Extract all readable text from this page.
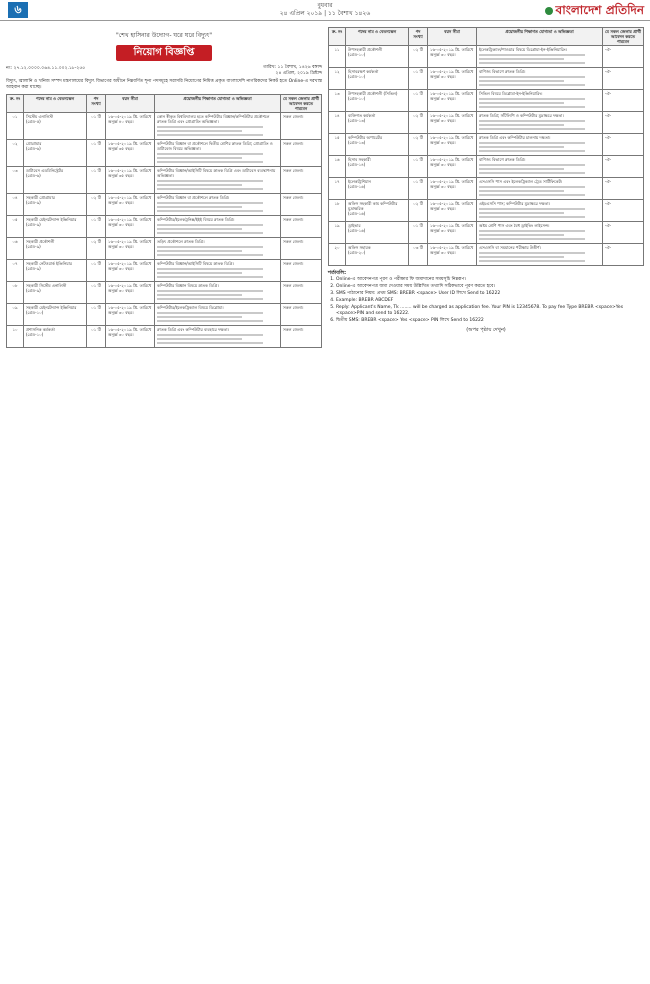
৬	বুধবার
২৪ এপ্রিল ২০১৯ | ১১ বৈশাখ ১৪২৬	বাংলাদেশ প্রতিদিন
"শেখ হাসিনার উদ্যোগ- ঘরে ঘরে বিদ্যুৎ"
নিয়োগ বিজ্ঞপ্তি
নং: ২৭.১২.০০০০.০৬৪.১১.০০২.১৮-২৫৫	তারিখ: ১১ বৈশাখ, ১৪২৬ বঙ্গাব্দ
২৪ এপ্রিল, ২০১৯ খ্রিষ্টাব্দ
বিদ্যুৎ, জ্বালানি ও খনিজ সম্পদ মন্ত্রণালয়ের বিদ্যুৎ বিভাগের অধীনে নিম্নবর্ণিত শূন্য পদসমূহে সরাসরি নিয়োগের নিমিত্ত প্রকৃত বাংলাদেশি নাগরিকদের নিকট হতে Online-এ দরখাস্ত আহবান করা যাচ্ছে।
ক্র. নং	পদের নাম ও বেতনস্কেল	পদ সংখ্যা	বয়স সীমা	প্রয়োজনীয় শিক্ষাগত যোগ্যতা ও অভিজ্ঞতা	যে সকল জেলার প্রার্থী আবেদন করতে পারবেন
০১	সিস্টেম এনালিস্ট
(গ্রেড-৫)	০১ টি	১৬-০৫-২০১৯ খ্রি. তারিখে অনূর্ধ্ব ৪০ বছর।	কোন স্বীকৃত বিশ্ববিদ্যালয় হতে কম্পিউটার বিজ্ঞান/কম্পিউটার প্রকৌশলে স্নাতক ডিগ্রি এবং প্রোগ্রামিং অভিজ্ঞতা।	সকল জেলা।
০২	প্রোগ্রামার
(গ্রেড-৬)	০১ টি	১৬-০৫-২০১৯ খ্রি. তারিখে অনূর্ধ্ব ৩৫ বছর।	কম্পিউটার বিজ্ঞান বা প্রকৌশলে দ্বিতীয় শ্রেণির স্নাতক ডিগ্রি; প্রোগ্রামিং ও ডাটাবেজ বিষয়ে অভিজ্ঞতা।	সকল জেলা।
০৩	ডাটাবেস এডমিনিস্ট্রেটর
(গ্রেড-৬)	০১ টি	১৬-০৫-২০১৯ খ্রি. তারিখে অনূর্ধ্ব ৩৫ বছর।	কম্পিউটার বিজ্ঞান/আইসিটি বিষয়ে স্নাতক ডিগ্রি এবং ডাটাবেস ব্যবস্থাপনায় অভিজ্ঞতা।	সকল জেলা।
০৪	সহকারী প্রোগ্রামার
(গ্রেড-৯)	০২ টি	১৬-০৫-২০১৯ খ্রি. তারিখে অনূর্ধ্ব ৩০ বছর।	কম্পিউটার বিজ্ঞান বা প্রকৌশলে স্নাতক ডিগ্রি।	সকল জেলা।
০৫	সহকারী মেইনটেন্যান্স ইঞ্জিনিয়ার
(গ্রেড-৯)	০১ টি	১৬-০৫-২০১৯ খ্রি. তারিখে অনূর্ধ্ব ৩০ বছর।	কম্পিউটার/ইলেকট্রনিক্স/ইইই বিষয়ে স্নাতক ডিগ্রি।	সকল জেলা।
০৬	সহকারী প্রকৌশলী
(গ্রেড-৯)	০২ টি	১৬-০৫-২০১৯ খ্রি. তারিখে অনূর্ধ্ব ৩০ বছর।	তড়িৎ প্রকৌশলে স্নাতক ডিগ্রি।	সকল জেলা।
০৭	সহকারী নেটওয়ার্ক ইঞ্জিনিয়ার
(গ্রেড-৯)	০১ টি	১৬-০৫-২০১৯ খ্রি. তারিখে অনূর্ধ্ব ৩০ বছর।	কম্পিউটার বিজ্ঞান/আইসিটি বিষয়ে স্নাতক ডিগ্রি।	সকল জেলা।
০৮	সহকারী সিস্টেম এনালিস্ট
(গ্রেড-৯)	০১ টি	১৬-০৫-২০১৯ খ্রি. তারিখে অনূর্ধ্ব ৩০ বছর।	কম্পিউটার বিজ্ঞান বিষয়ে স্নাতক ডিগ্রি।	সকল জেলা।
০৯	সহকারী মেইনটেন্যান্স ইঞ্জিনিয়ার
(গ্রেড-১০)	০১ টি	১৬-০৫-২০১৯ খ্রি. তারিখে অনূর্ধ্ব ৩০ বছর।	কম্পিউটার/ইলেকট্রিক্যাল বিষয়ে ডিপ্লোমা।	সকল জেলা।
১০	প্রশাসনিক কর্মকর্তা
(গ্রেড-১০)	০১ টি	১৬-০৫-২০১৯ খ্রি. তারিখে অনূর্ধ্ব ৩০ বছর।	স্নাতক ডিগ্রি এবং কম্পিউটার ব্যবহারে দক্ষতা।	সকল জেলা।
ক্র. নং	পদের নাম ও বেতনস্কেল	পদ সংখ্যা	বয়স সীমা	প্রয়োজনীয় শিক্ষাগত যোগ্যতা ও অভিজ্ঞতা	যে সকল জেলার প্রার্থী আবেদন করতে পারবেন
১১	উপসহকারী প্রকৌশলী
(গ্রেড-১০)	০২ টি	১৬-০৫-২০১৯ খ্রি. তারিখে অনূর্ধ্ব ৩০ বছর।	ইলেকট্রিক্যাল/পাওয়ার বিষয়ে ডিপ্লোমা-ইন-ইঞ্জিনিয়ারিং।	-ঐ-
১২	হিসাবরক্ষণ কর্মকর্তা
(গ্রেড-১০)	০১ টি	১৬-০৫-২০১৯ খ্রি. তারিখে অনূর্ধ্ব ৩০ বছর।	বাণিজ্য বিভাগে স্নাতক ডিগ্রি।	-ঐ-
১৩	উপসহকারী প্রকৌশলী (সিভিল)
(গ্রেড-১০)	০১ টি	১৬-০৫-২০১৯ খ্রি. তারিখে অনূর্ধ্ব ৩০ বছর।	সিভিল বিষয়ে ডিপ্লোমা-ইন-ইঞ্জিনিয়ারিং।	-ঐ-
১৪	ব্যক্তিগত কর্মকর্তা
(গ্রেড-১৩)	০২ টি	১৬-০৫-২০১৯ খ্রি. তারিখে অনূর্ধ্ব ৩০ বছর।	স্নাতক ডিগ্রি; সাঁটলিপি ও কম্পিউটার মুদ্রাক্ষরে দক্ষতা।	-ঐ-
১৫	কম্পিউটার অপারেটর
(গ্রেড-১৩)	০২ টি	১৬-০৫-২০১৯ খ্রি. তারিখে অনূর্ধ্ব ৩০ বছর।	স্নাতক ডিগ্রি এবং কম্পিউটার চালনায় দক্ষতা।	-ঐ-
১৬	হিসাব সহকারী
(গ্রেড-১৪)	০১ টি	১৬-০৫-২০১৯ খ্রি. তারিখে অনূর্ধ্ব ৩০ বছর।	বাণিজ্য বিভাগে স্নাতক ডিগ্রি।	-ঐ-
১৭	ইলেকট্রিশিয়ান
(গ্রেড-১৬)	০১ টি	১৬-০৫-২০১৯ খ্রি. তারিখে অনূর্ধ্ব ৩০ বছর।	এসএসসি পাস এবং ইলেকট্রিক্যাল ট্রেড সার্টিফিকেট।	-ঐ-
১৮	অফিস সহকারী কাম কম্পিউটার মুদ্রাক্ষরিক
(গ্রেড-১৬)	০২ টি	১৬-০৫-২০১৯ খ্রি. তারিখে অনূর্ধ্ব ৩০ বছর।	এইচএসসি পাস; কম্পিউটার মুদ্রাক্ষরে দক্ষতা।	-ঐ-
১৯	ড্রাইভার
(গ্রেড-১৬)	০১ টি	১৬-০৫-২০১৯ খ্রি. তারিখে অনূর্ধ্ব ৩০ বছর।	অষ্টম শ্রেণি পাস এবং বৈধ ড্রাইভিং লাইসেন্স।	-ঐ-
২০	অফিস সহায়ক
(গ্রেড-২০)	০৩ টি	১৬-০৫-২০১৯ খ্রি. তারিখে অনূর্ধ্ব ৩০ বছর।	এসএসসি বা সমমানের পরীক্ষায় উত্তীর্ণ।	-ঐ-
শর্তাবলি:
1. Online-এ আবেদনপত্র পূরণ ও পরীক্ষার ফি জমাদানের সময়সূচি নিম্নরূপ।
2. Online-এ আবেদনপত্র জমা দেওয়ার সময় উল্লিখিত তথ্যাদি সঠিকভাবে পূরণ করতে হবে।
3. SMS পাঠানোর নিয়ম: প্রথম SMS: BREBR <space> User ID লিখে Send to 16222
4. Example: BREBR ABCDEF
5. Reply: Applicant's Name, Tk ........ will be charged as application fee. Your PIN is 12345678. To pay fee Type BREBR <space>Yes <space>PIN and send to 16222.
6. দ্বিতীয় SMS: BREBR <space> Yes <space> PIN লিখে Send to 16222
(অপর পৃষ্ঠায় দেখুন)
